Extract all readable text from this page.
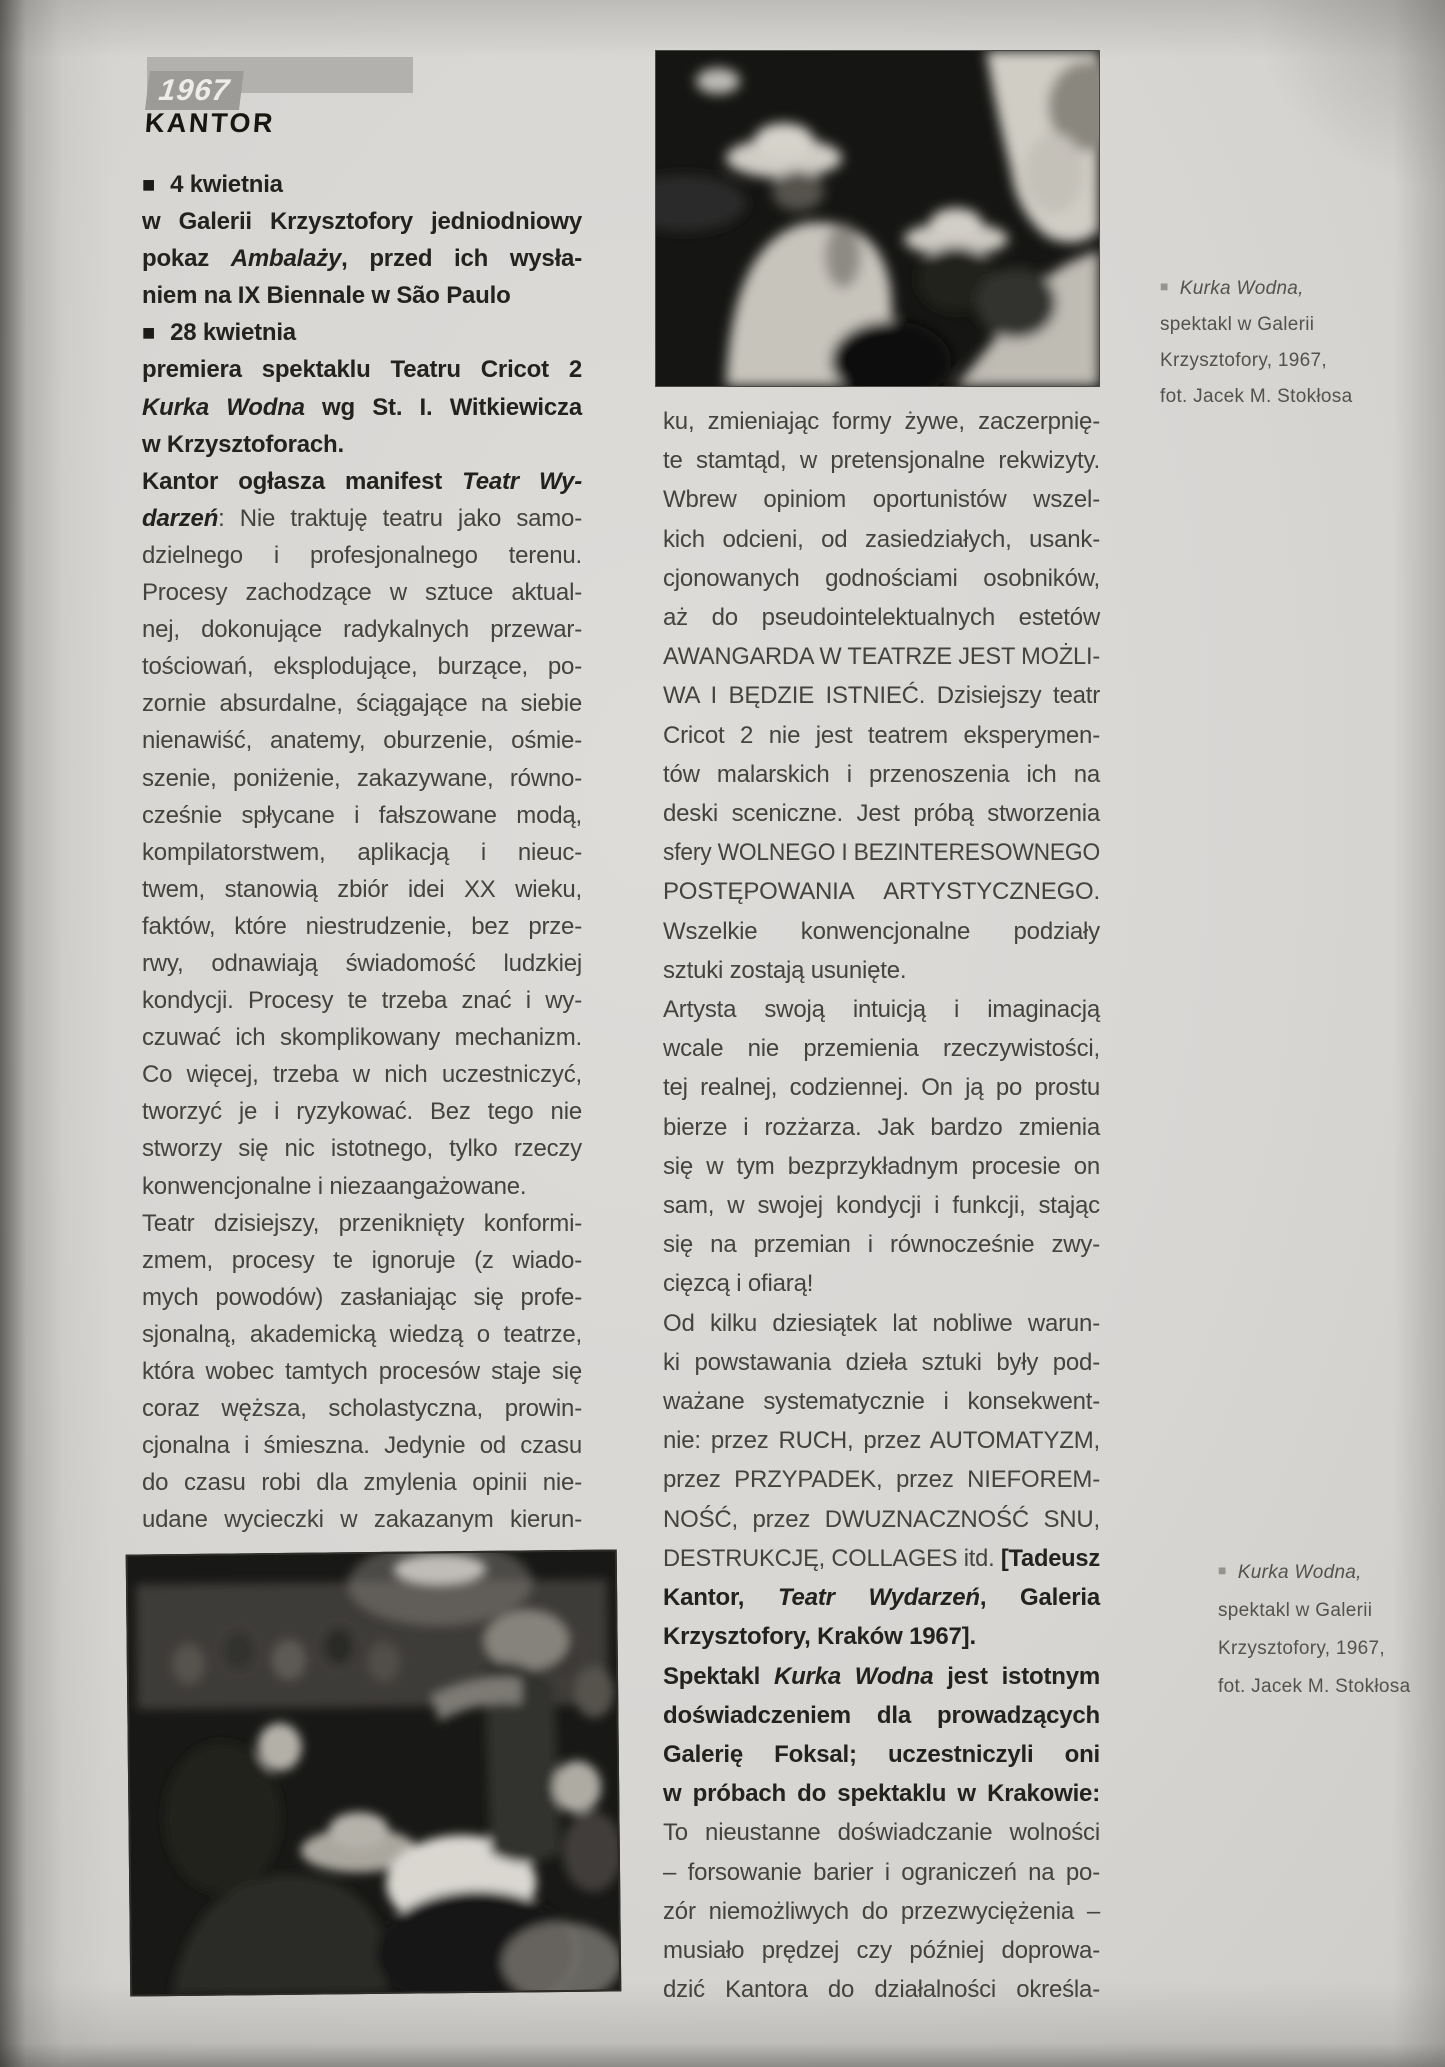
1967
KANTOR
■ 4 kwietnia
w Galerii Krzysztofory jedniodniowy
pokaz Ambalaży, przed ich wysła-
niem na IX Biennale w São Paulo
■ 28 kwietnia
premiera spektaklu Teatru Cricot 2
Kurka Wodna wg St. I. Witkiewicza
w Krzysztoforach.
Kantor ogłasza manifest Teatr Wy-
darzeń: Nie traktuję teatru jako samo-
dzielnego i profesjonalnego terenu.
Procesy zachodzące w sztuce aktual-
nej, dokonujące radykalnych przewar-
tościowań, eksplodujące, burzące, po-
zornie absurdalne, ściągające na siebie
nienawiść, anatemy, oburzenie, ośmie-
szenie, poniżenie, zakazywane, równo-
cześnie spłycane i fałszowane modą,
kompilatorstwem, aplikacją i nieuc-
twem, stanowią zbiór idei XX wieku,
faktów, które niestrudzenie, bez prze-
rwy, odnawiają świadomość ludzkiej
kondycji. Procesy te trzeba znać i wy-
czuwać ich skomplikowany mechanizm.
Co więcej, trzeba w nich uczestniczyć,
tworzyć je i ryzykować. Bez tego nie
stworzy się nic istotnego, tylko rzeczy
konwencjonalne i niezaangażowane.
Teatr dzisiejszy, przeniknięty konformi-
zmem, procesy te ignoruje (z wiado-
mych powodów) zasłaniając się profe-
sjonalną, akademicką wiedzą o teatrze,
która wobec tamtych procesów staje się
coraz węższa, scholastyczna, prowin-
cjonalna i śmieszna. Jedynie od czasu
do czasu robi dla zmylenia opinii nie-
udane wycieczki w zakazanym kierun-
ku, zmieniając formy żywe, zaczerpnię-
te stamtąd, w pretensjonalne rekwizyty.
Wbrew opiniom oportunistów wszel-
kich odcieni, od zasiedziałych, usank-
cjonowanych godnościami osobników,
aż do pseudointelektualnych estetów
AWANGARDA W TEATRZE JEST MOŻLI-
WA I BĘDZIE ISTNIEĆ. Dzisiejszy teatr
Cricot 2 nie jest teatrem eksperymen-
tów malarskich i przenoszenia ich na
deski sceniczne. Jest próbą stworzenia
sfery WOLNEGO I BEZINTERESOWNEGO
POSTĘPOWANIA ARTYSTYCZNEGO.
Wszelkie konwencjonalne podziały
sztuki zostają usunięte.
Artysta swoją intuicją i imaginacją
wcale nie przemienia rzeczywistości,
tej realnej, codziennej. On ją po prostu
bierze i rozżarza. Jak bardzo zmienia
się w tym bezprzykładnym procesie on
sam, w swojej kondycji i funkcji, stając
się na przemian i równocześnie zwy-
cięzcą i ofiarą!
Od kilku dziesiątek lat nobliwe warun-
ki powstawania dzieła sztuki były pod-
ważane systematycznie i konsekwent-
nie: przez RUCH, przez AUTOMATYZM,
przez PRZYPADEK, przez NIEFOREM-
NOŚĆ, przez DWUZNACZNOŚĆ SNU,
DESTRUKCJĘ, COLLAGES itd. [Tadeusz
Kantor, Teatr Wydarzeń, Galeria
Krzysztofory, Kraków 1967].
Spektakl Kurka Wodna jest istotnym
doświadczeniem dla prowadzących
Galerię Foksal; uczestniczyli oni
w próbach do spektaklu w Krakowie:
To nieustanne doświadczanie wolności
– forsowanie barier i ograniczeń na po-
zór niemożliwych do przezwyciężenia –
musiało prędzej czy później doprowa-
dzić Kantora do działalności określa-
■ Kurka Wodna,
spektakl w Galerii
Krzysztofory, 1967,
fot. Jacek M. Stokłosa
■ Kurka Wodna,
spektakl w Galerii
Krzysztofory, 1967,
fot. Jacek M. Stokłosa
